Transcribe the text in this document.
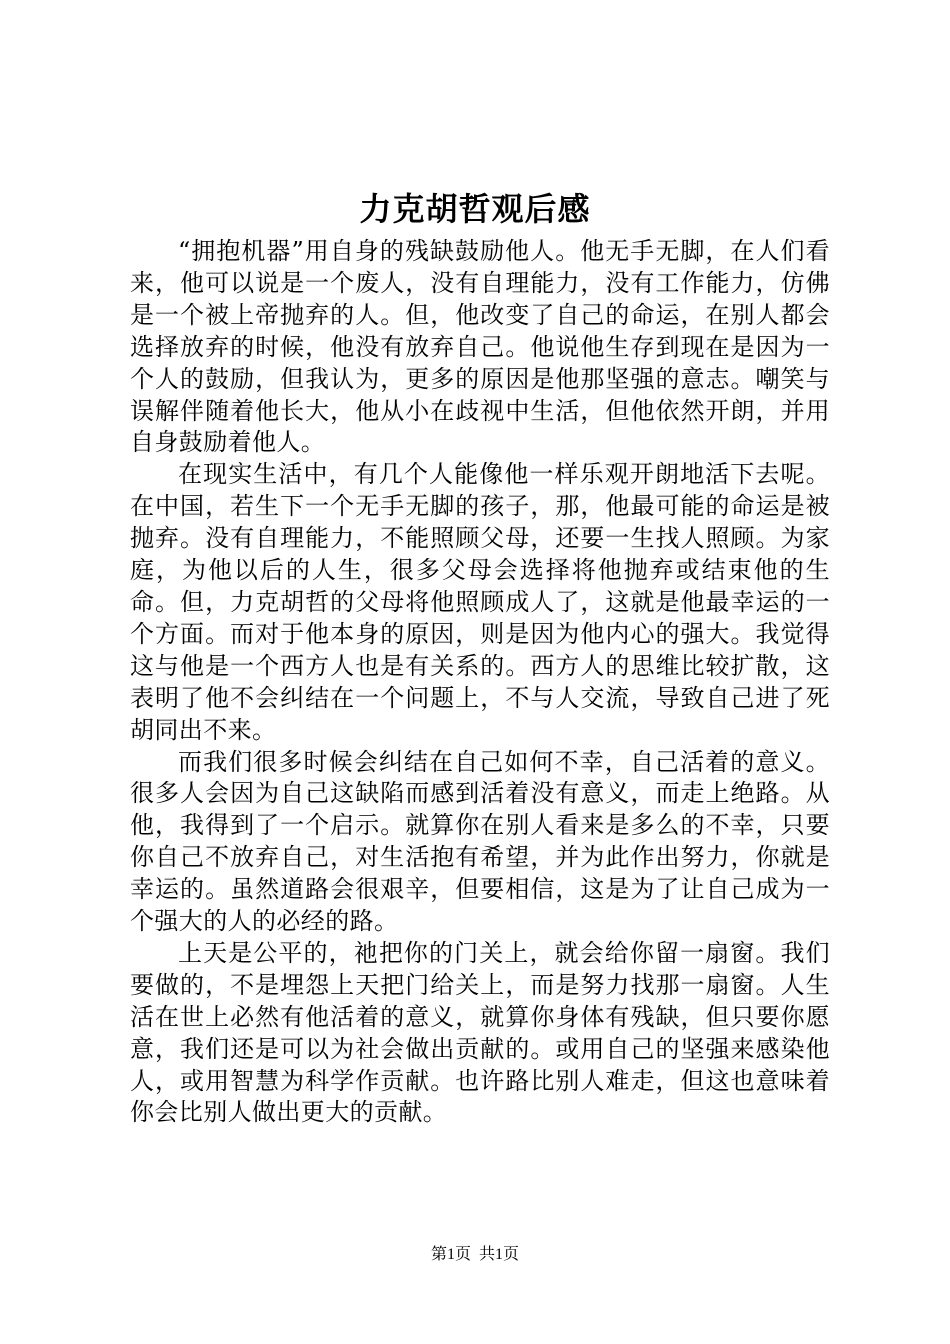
力克胡哲观后感

“拥抱机器”用自身的残缺鼓励他人。他无手无脚，在人们看来，他可以说是一个废人，没有自理能力，没有工作能力，仿佛是一个被上帝抛弃的人。但，他改变了自己的命运，在别人都会选择放弃的时候，他没有放弃自己。他说他生存到现在是因为一个人的鼓励，但我认为，更多的原因是他那坚强的意志。嘲笑与误解伴随着他长大，他从小在歧视中生活，但他依然开朗，并用自身鼓励着他人。

在现实生活中，有几个人能像他一样乐观开朗地活下去呢。在中国，若生下一个无手无脚的孩子，那，他最可能的命运是被抛弃。没有自理能力，不能照顾父母，还要一生找人照顾。为家庭，为他以后的人生，很多父母会选择将他抛弃或结束他的生命。但，力克胡哲的父母将他照顾成人了，这就是他最幸运的一个方面。而对于他本身的原因，则是因为他内心的强大。我觉得这与他是一个西方人也是有关系的。西方人的思维比较扩散，这表明了他不会纠结在一个问题上，不与人交流，导致自己进了死胡同出不来。

而我们很多时候会纠结在自己如何不幸，自己活着的意义。很多人会因为自己这缺陷而感到活着没有意义，而走上绝路。从他，我得到了一个启示。就算你在别人看来是多么的不幸，只要你自己不放弃自己，对生活抱有希望，并为此作出努力，你就是幸运的。虽然道路会很艰辛，但要相信，这是为了让自己成为一个强大的人的必经的路。

上天是公平的，祂把你的门关上，就会给你留一扇窗。我们要做的，不是埋怨上天把门给关上，而是努力找那一扇窗。人生活在世上必然有他活着的意义，就算你身体有残缺，但只要你愿意，我们还是可以为社会做出贡献的。或用自己的坚强来感染他人，或用智慧为科学作贡献。也许路比别人难走，但这也意味着你会比别人做出更大的贡献。

第1页 共1页
